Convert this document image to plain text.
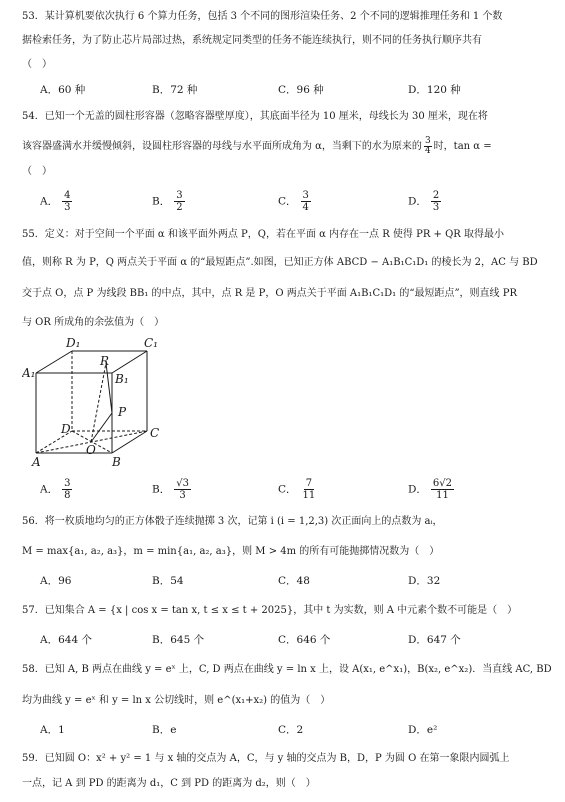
53．某计算机要依次执行 6 个算力任务，包括 3 个不同的图形渲染任务、2 个不同的逻辑推理任务和 1 个数
据检索任务，为了防止芯片局部过热，系统规定同类型的任务不能连续执行，则不同的任务执行顺序共有
（　）
A．60 种	B．72 种	C．96 种	D．120 种
54．已知一个无盖的圆柱形容器（忽略容器壁厚度），其底面半径为 10 厘米，母线长为 30 厘米，现在将
该容器盛满水并缓慢倾斜，设圆柱形容器的母线与水平面所成角为 α，当剩下的水为原来的 $\frac{3}{4}$ 时，tan α =
（　）
A． $\frac{4}{3}$	B． $\frac{3}{2}$	C． $\frac{3}{4}$	D． $\frac{2}{3}$
55．定义：对于空间一个平面 α 和该平面外两点 P，Q，若在平面 α 内存在一点 R 使得 PR + QR 取得最小
值，则称 R 为 P，Q 两点关于平面 α 的“最短距点”.如图，已知正方体 ABCD − A₁B₁C₁D₁ 的棱长为 2，AC 与 BD
交于点 O，点 P 为线段 BB₁ 的中点，其中，点 R 是 P，O 两点关于平面 A₁B₁C₁D₁ 的“最短距点”，则直线 PR
与 OR 所成角的余弦值为（　）
D₁	C₁
A₁	B₁
R
P
D	C
O
A	B
A． $\frac{3}{8}$	B． $\frac{√3}{3}$	C． $\frac{7}{11}$	D． $\frac{6√2}{11}$
56．将一枚质地均匀的正方体骰子连续抛掷 3 次，记第 i (i = 1,2,3) 次正面向上的点数为 aᵢ，
M = max{a₁, a₂, a₃}，m = min{a₁, a₂, a₃}，则 M > 4m 的所有可能抛掷情况数为（　）
A．96	B．54	C．48	D．32
57．已知集合 A = {x | cos x = tan x, t ≤ x ≤ t + 2025}，其中 t 为实数，则 A 中元素个数不可能是（　）
A．644 个	B．645 个	C．646 个	D．647 个
58．已知 A, B 两点在曲线 y = eˣ 上，C, D 两点在曲线 y = ln x 上，设 A(x₁, e^x₁)，B(x₂, e^x₂)．当直线 AC, BD
均为曲线 y = eˣ 和 y = ln x 公切线时，则 e^(x₁+x₂) 的值为（　）
A．1	B．e	C．2	D．e²
59．已知圆 O：x² + y² = 1 与 x 轴的交点为 A，C，与 y 轴的交点为 B，D，P 为圆 O 在第一象限内圆弧上
一点，记 A 到 PD 的距离为 d₁，C 到 PD 的距离为 d₂，则（　）
